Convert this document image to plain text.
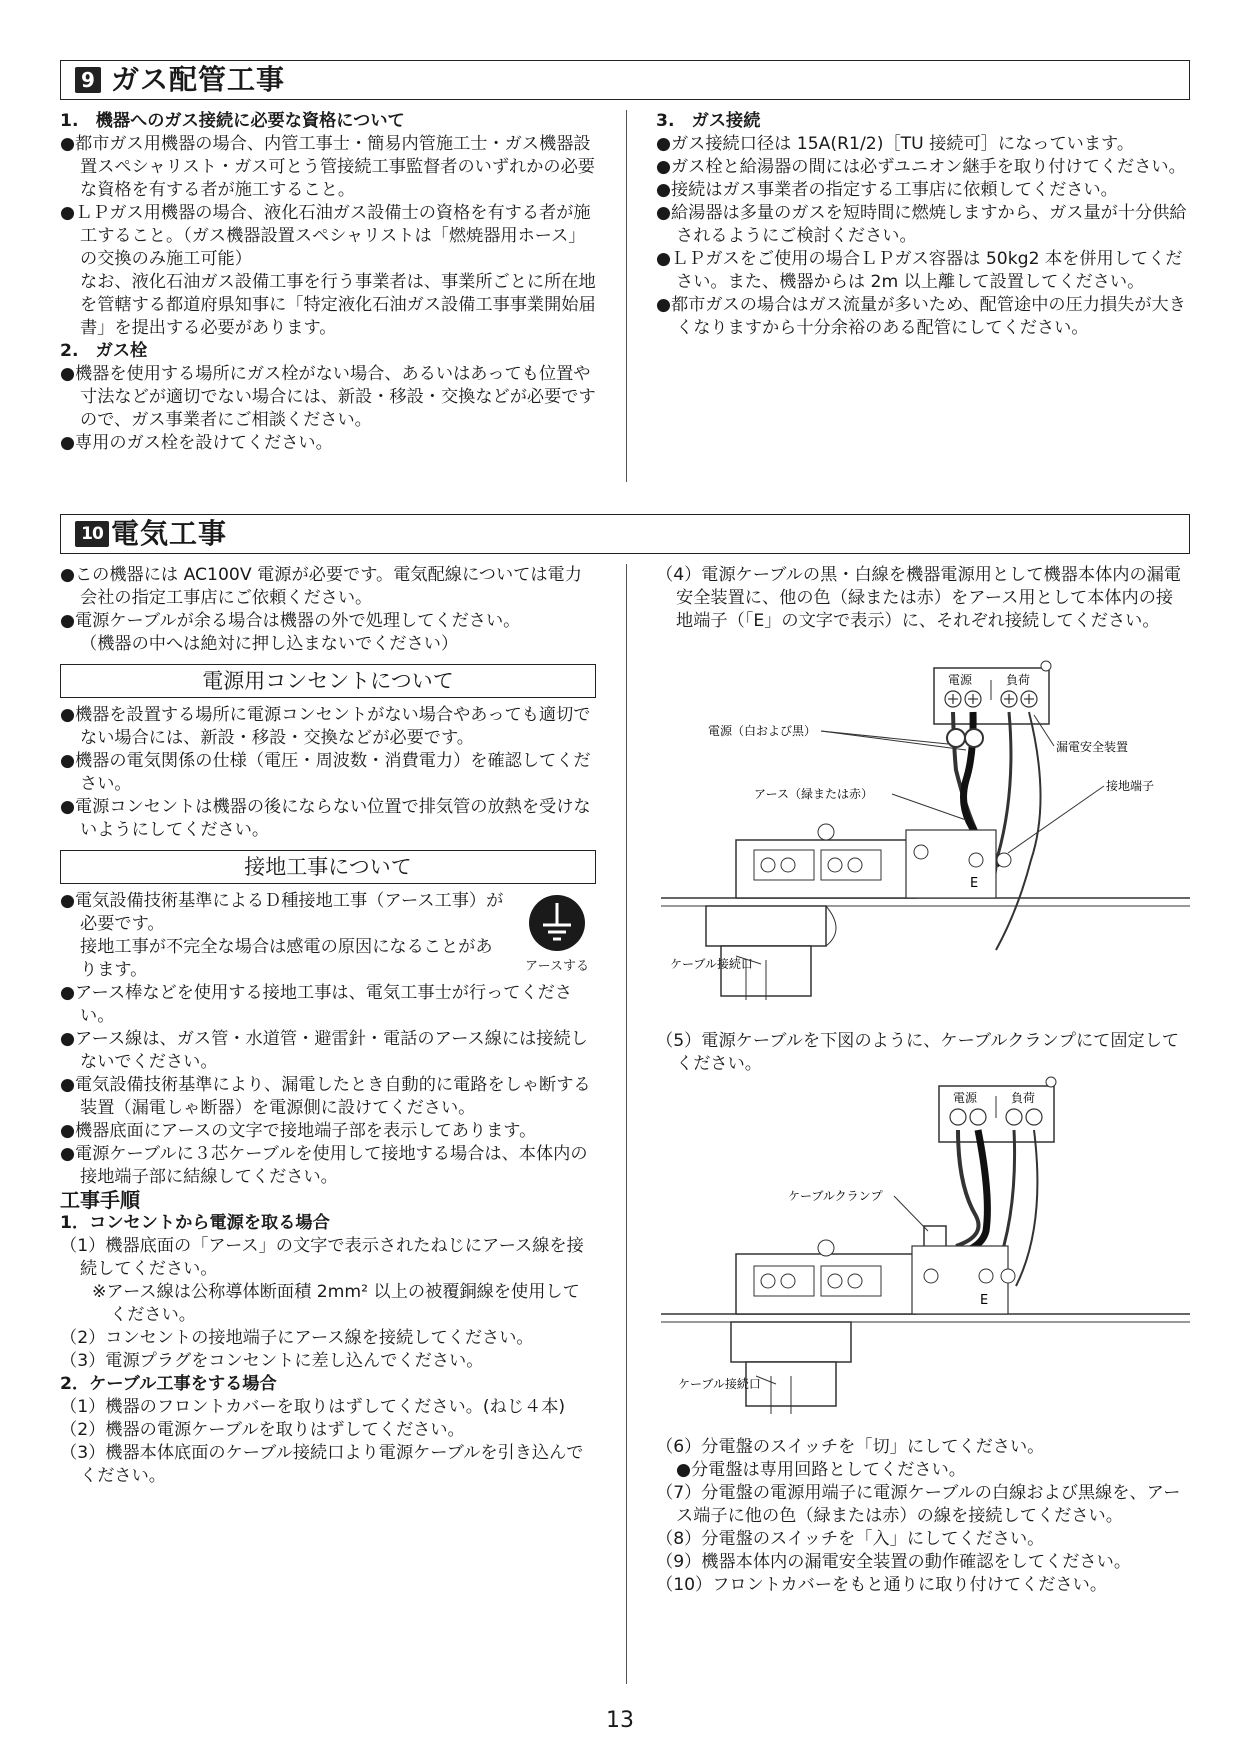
9 ガス配管工事

1.　機器へのガス接続に必要な資格について

●都市ガス用機器の場合、内管工事士・簡易内管施工士・ガス機器設置スペシャリスト・ガス可とう管接続工事監督者のいずれかの必要な資格を有する者が施工すること。

●ＬＰガス用機器の場合、液化石油ガス設備士の資格を有する者が施工すること。（ガス機器設置スペシャリストは「燃焼器用ホース」の交換のみ施工可能）

なお、液化石油ガス設備工事を行う事業者は、事業所ごとに所在地を管轄する都道府県知事に「特定液化石油ガス設備工事事業開始届書」を提出する必要があります。

2.　ガス栓

●機器を使用する場所にガス栓がない場合、あるいはあっても位置や寸法などが適切でない場合には、新設・移設・交換などが必要ですので、ガス事業者にご相談ください。

●専用のガス栓を設けてください。

3.　ガス接続

●ガス接続口径は 15A(R1/2)［TU 接続可］になっています。

●ガス栓と給湯器の間には必ずユニオン継手を取り付けてください。

●接続はガス事業者の指定する工事店に依頼してください。

●給湯器は多量のガスを短時間に燃焼しますから、ガス量が十分供給されるようにご検討ください。

●ＬＰガスをご使用の場合ＬＰガス容器は 50kg2 本を併用してください。また、機器からは 2m 以上離して設置してください。

●都市ガスの場合はガス流量が多いため、配管途中の圧力損失が大きくなりますから十分余裕のある配管にしてください。

10 電気工事

●この機器には AC100V 電源が必要です。電気配線については電力会社の指定工事店にご依頼ください。

●電源ケーブルが余る場合は機器の外で処理してください。

（機器の中へは絶対に押し込まないでください）

電源用コンセントについて

●機器を設置する場所に電源コンセントがない場合やあっても適切でない場合には、新設・移設・交換などが必要です。

●機器の電気関係の仕様（電圧・周波数・消費電力）を確認してください。

●電源コンセントは機器の後にならない位置で排気管の放熱を受けないようにしてください。

接地工事について

●電気設備技術基準によるＤ種接地工事（アース工事）が必要です。

接地工事が不完全な場合は感電の原因になることがあります。	アースする

●アース棒などを使用する接地工事は、電気工事士が行ってください。

●アース線は、ガス管・水道管・避雷針・電話のアース線には接続しないでください。

●電気設備技術基準により、漏電したとき自動的に電路をしゃ断する装置（漏電しゃ断器）を電源側に設けてください。

●機器底面にアースの文字で接地端子部を表示してあります。

●電源ケーブルに３芯ケーブルを使用して接地する場合は、本体内の接地端子部に結線してください。

工事手順

1．コンセントから電源を取る場合

（1）機器底面の「アース」の文字で表示されたねじにアース線を接続してください。

※アース線は公称導体断面積 2mm² 以上の被覆銅線を使用してください。

（2）コンセントの接地端子にアース線を接続してください。

（3）電源プラグをコンセントに差し込んでください。

2．ケーブル工事をする場合

（1）機器のフロントカバーを取りはずしてください。(ねじ４本)

（2）機器の電源ケーブルを取りはずしてください。

（3）機器本体底面のケーブル接続口より電源ケーブルを引き込んでください。

（4）電源ケーブルの黒・白線を機器電源用として機器本体内の漏電安全装置に、他の色（緑または赤）をアース用として本体内の接地端子（「E」の文字で表示）に、それぞれ接続してください。

電源	負荷
E
電源（白および黒）
漏電安全装置
アース（緑または赤）
接地端子
ケーブル接続口

（5）電源ケーブルを下図のように、ケーブルクランプにて固定してください。

電源	負荷
E
ケーブルクランプ
ケーブル接続口

（6）分電盤のスイッチを「切」にしてください。

●分電盤は専用回路としてください。

（7）分電盤の電源用端子に電源ケーブルの白線および黒線を、アース端子に他の色（緑または赤）の線を接続してください。

（8）分電盤のスイッチを「入」にしてください。

（9）機器本体内の漏電安全装置の動作確認をしてください。

（10）フロントカバーをもと通りに取り付けてください。

13
